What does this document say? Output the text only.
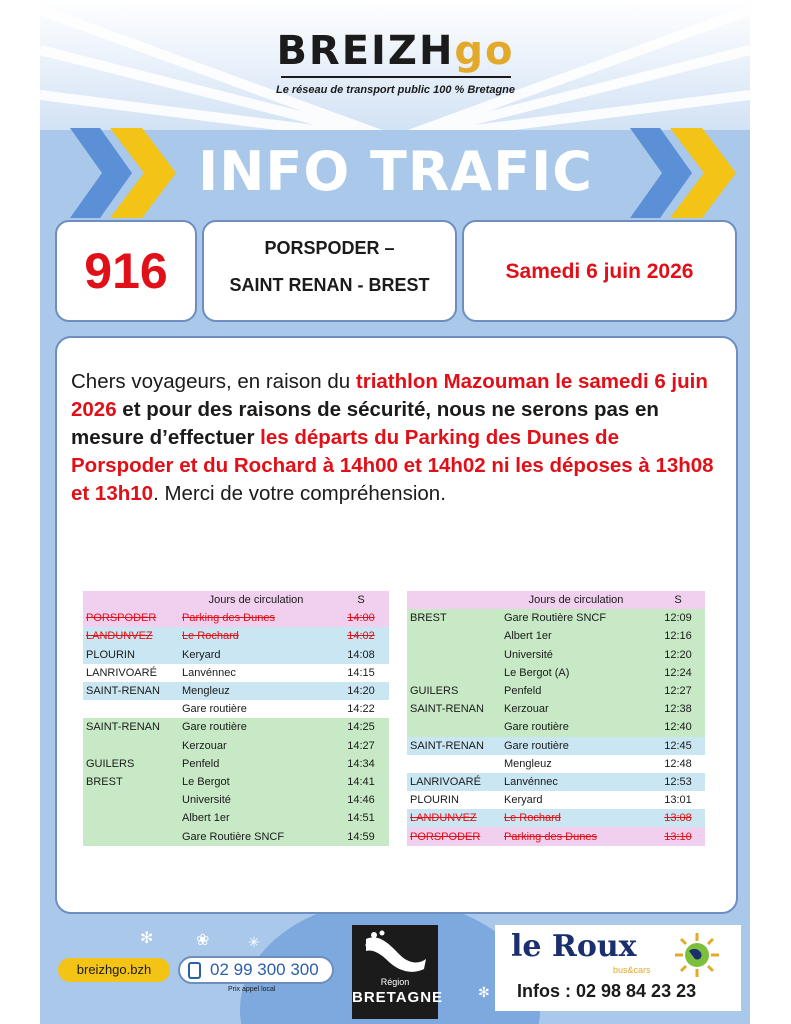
BREIZHgo
Le réseau de transport public 100 % Bretagne
INFO TRAFIC
916	PORSPODER –
SAINT RENAN - BREST
Samedi 6 juin 2026

Chers voyageurs, en raison du triathlon Mazouman le samedi 6 juin 2026 et pour des raisons de sécurité, nous ne serons pas en mesure d’effectuer les départs du Parking des Dunes de Porspoder et du Rochard à 14h00 et 14h02 ni les déposes à 13h08 et 13h10. Merci de votre compréhension.

	Jours de circulation	S
PORSPODER	Parking des Dunes	14:00
LANDUNVEZ	Le Rochard	14:02
PLOURIN	Keryard	14:08
LANRIVOARÉ	Lanvénnec	14:15
SAINT-RENAN	Mengleuz	14:20
	Gare routière	14:22
SAINT-RENAN	Gare routière	14:25
	Kerzouar	14:27
GUILERS	Penfeld	14:34
BREST	Le Bergot	14:41
	Université	14:46
	Albert 1er	14:51
	Gare Routière SNCF	14:59
	Jours de circulation	S
BREST	Gare Routière SNCF	12:09
	Albert 1er	12:16
	Université	12:20
	Le Bergot (A)	12:24
GUILERS	Penfeld	12:27
SAINT-RENAN	Kerzouar	12:38
	Gare routière	12:40
SAINT-RENAN	Gare routière	12:45
	Mengleuz	12:48
LANRIVOARÉ	Lanvénnec	12:53
PLOURIN	Keryard	13:01
LANDUNVEZ	Le Rochard	13:08
PORSPODER	Parking des Dunes	13:10
✻	❀	✳
✻
breizhgo.bzh	02 99 300 300
Prix appel local
Région
BRETAGNE
le Roux
bus&cars
Infos : 02 98 84 23 23
